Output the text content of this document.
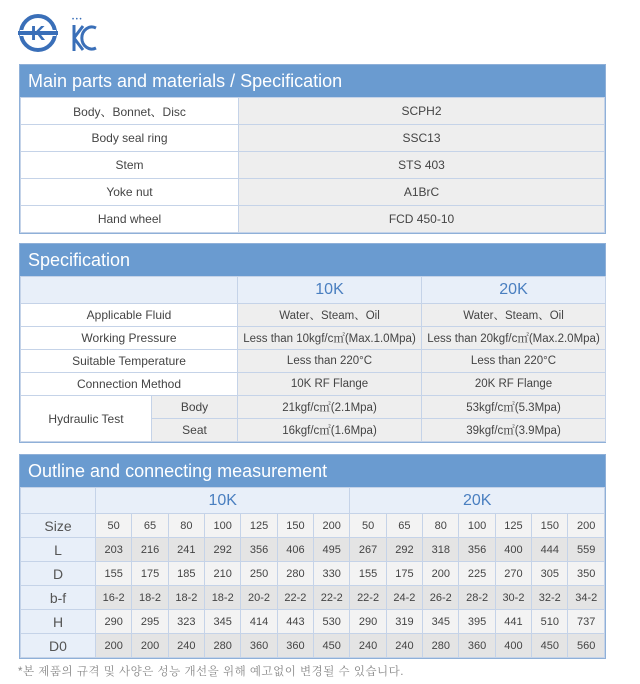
K
• • •
Main parts and materials / Specification
Body、Bonnet、Disc	SCPH2
Body seal ring	SSC13
Stem	STS 403
Yoke nut	A1BrC
Hand wheel	FCD 450-10
Specification
		10K	20K
Applicable Fluid		Water、Steam、Oil	Water、Steam、Oil
Working Pressure		Less than 10kgf/c㎡(Max.1.0Mpa)	Less than 20kgf/c㎡(Max.2.0Mpa)
Suitable Temperature		Less than 220°C	Less than 220°C
Connection Method		10K RF Flange	20K RF Flange
Hydraulic Test	Body	21kgf/c㎡(2.1Mpa)	53kgf/c㎡(5.3Mpa)
	Seat	16kgf/c㎡(1.6Mpa)	39kgf/c㎡(3.9Mpa)
Outline and connecting measurement
	10K							20K						
Size	50	65	80	100	125	150	200	50	65	80	100	125	150	200
L	203	216	241	292	356	406	495	267	292	318	356	400	444	559
D	155	175	185	210	250	280	330	155	175	200	225	270	305	350
b-f	16-2	18-2	18-2	18-2	20-2	22-2	22-2	22-2	24-2	26-2	28-2	30-2	32-2	34-2
H	290	295	323	345	414	443	530	290	319	345	395	441	510	737
D0	200	200	240	280	360	360	450	240	240	280	360	400	450	560
*본 제품의 규격 및 사양은 성능 개선을 위해 예고없이 변경될 수 있습니다.
